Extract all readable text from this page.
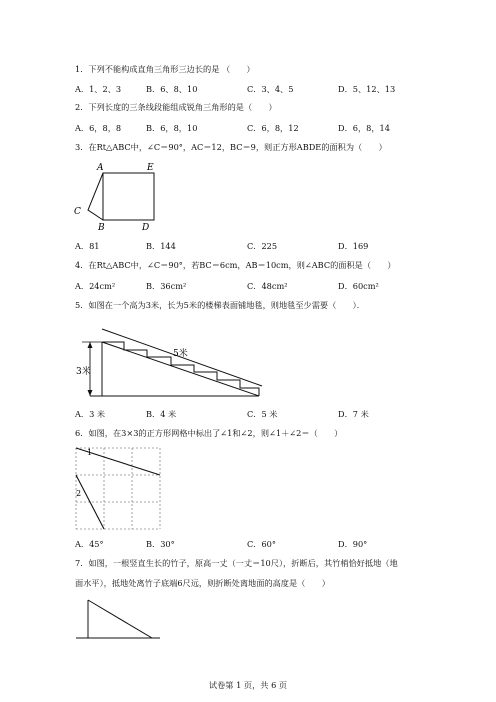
1．下列不能构成直角三角形三边长的是 （　　）
A．1、2、3	B．6、8、10	C．3、4、5	D．5、12、13
2．下列长度的三条线段能组成锐角三角形的是（　　）
A．6，8，8	B．6，8，10	C．6，8，12	D．6，8，14
3．在Rt△ABC中，∠C＝90°，AC＝12，BC＝9，则正方形ABDE的面积为（　　）
A	E
C
B	D
A．81	B．144	C．225	D．169
4．在Rt△ABC中，∠C＝90°，若BC＝6cm，AB＝10cm，则∠ABC的面积是（　　）
A．24cm²	B．36cm²	C．48cm²	D．60cm²
5．如图在一个高为3米，长为5米的楼梯表面铺地毯，则地毯至少需要（　　）．
3米
5米
A．3 米	B．4 米	C．5 米	D．7 米
6．如图，在3×3的正方形网格中标出了∠1和∠2，则∠1＋∠2＝（　　）
1
2
A．45°	B．30°	C．60°	D．90°
7．如图，一根竖直生长的竹子，原高一丈（一丈＝10尺），折断后，其竹梢恰好抵地（地
面水平），抵地处离竹子底端6尺远，则折断处离地面的高度是（　　）
试卷第 1 页，共 6 页
